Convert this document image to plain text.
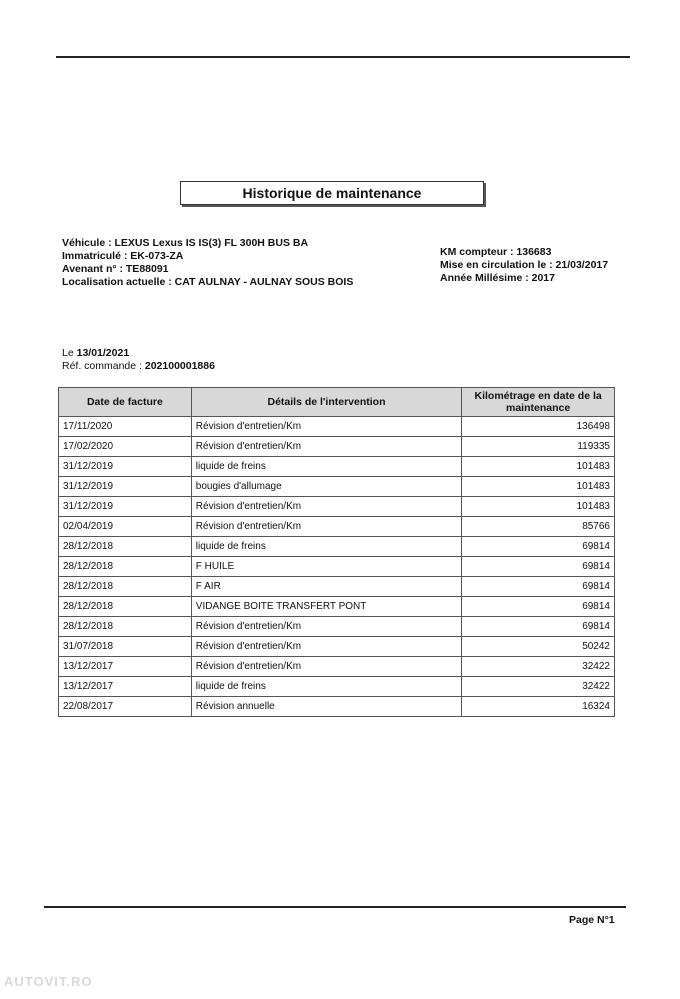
Historique de maintenance
Véhicule : LEXUS Lexus IS IS(3) FL 300H BUS BA
Immatriculé : EK-073-ZA
Avenant n° : TE88091
Localisation actuelle : CAT AULNAY - AULNAY SOUS BOIS
KM compteur : 136683
Mise en circulation le : 21/03/2017
Année Millésime : 2017
Le 13/01/2021
Réf. commande : 202100001886
Date de facture	Détails de l'intervention	Kilométrage en date de la maintenance
17/11/2020	Révision d'entretien/Km	136498
17/02/2020	Révision d'entretien/Km	119335
31/12/2019	liquide de freins	101483
31/12/2019	bougies d'allumage	101483
31/12/2019	Révision d'entretien/Km	101483
02/04/2019	Révision d'entretien/Km	85766
28/12/2018	liquide de freins	69814
28/12/2018	F HUILE	69814
28/12/2018	F AIR	69814
28/12/2018	VIDANGE BOITE TRANSFERT PONT	69814
28/12/2018	Révision d'entretien/Km	69814
31/07/2018	Révision d'entretien/Km	50242
13/12/2017	Révision d'entretien/Km	32422
13/12/2017	liquide de freins	32422
22/08/2017	Révision annuelle	16324
Page N°1
AUTOVIT.RO
